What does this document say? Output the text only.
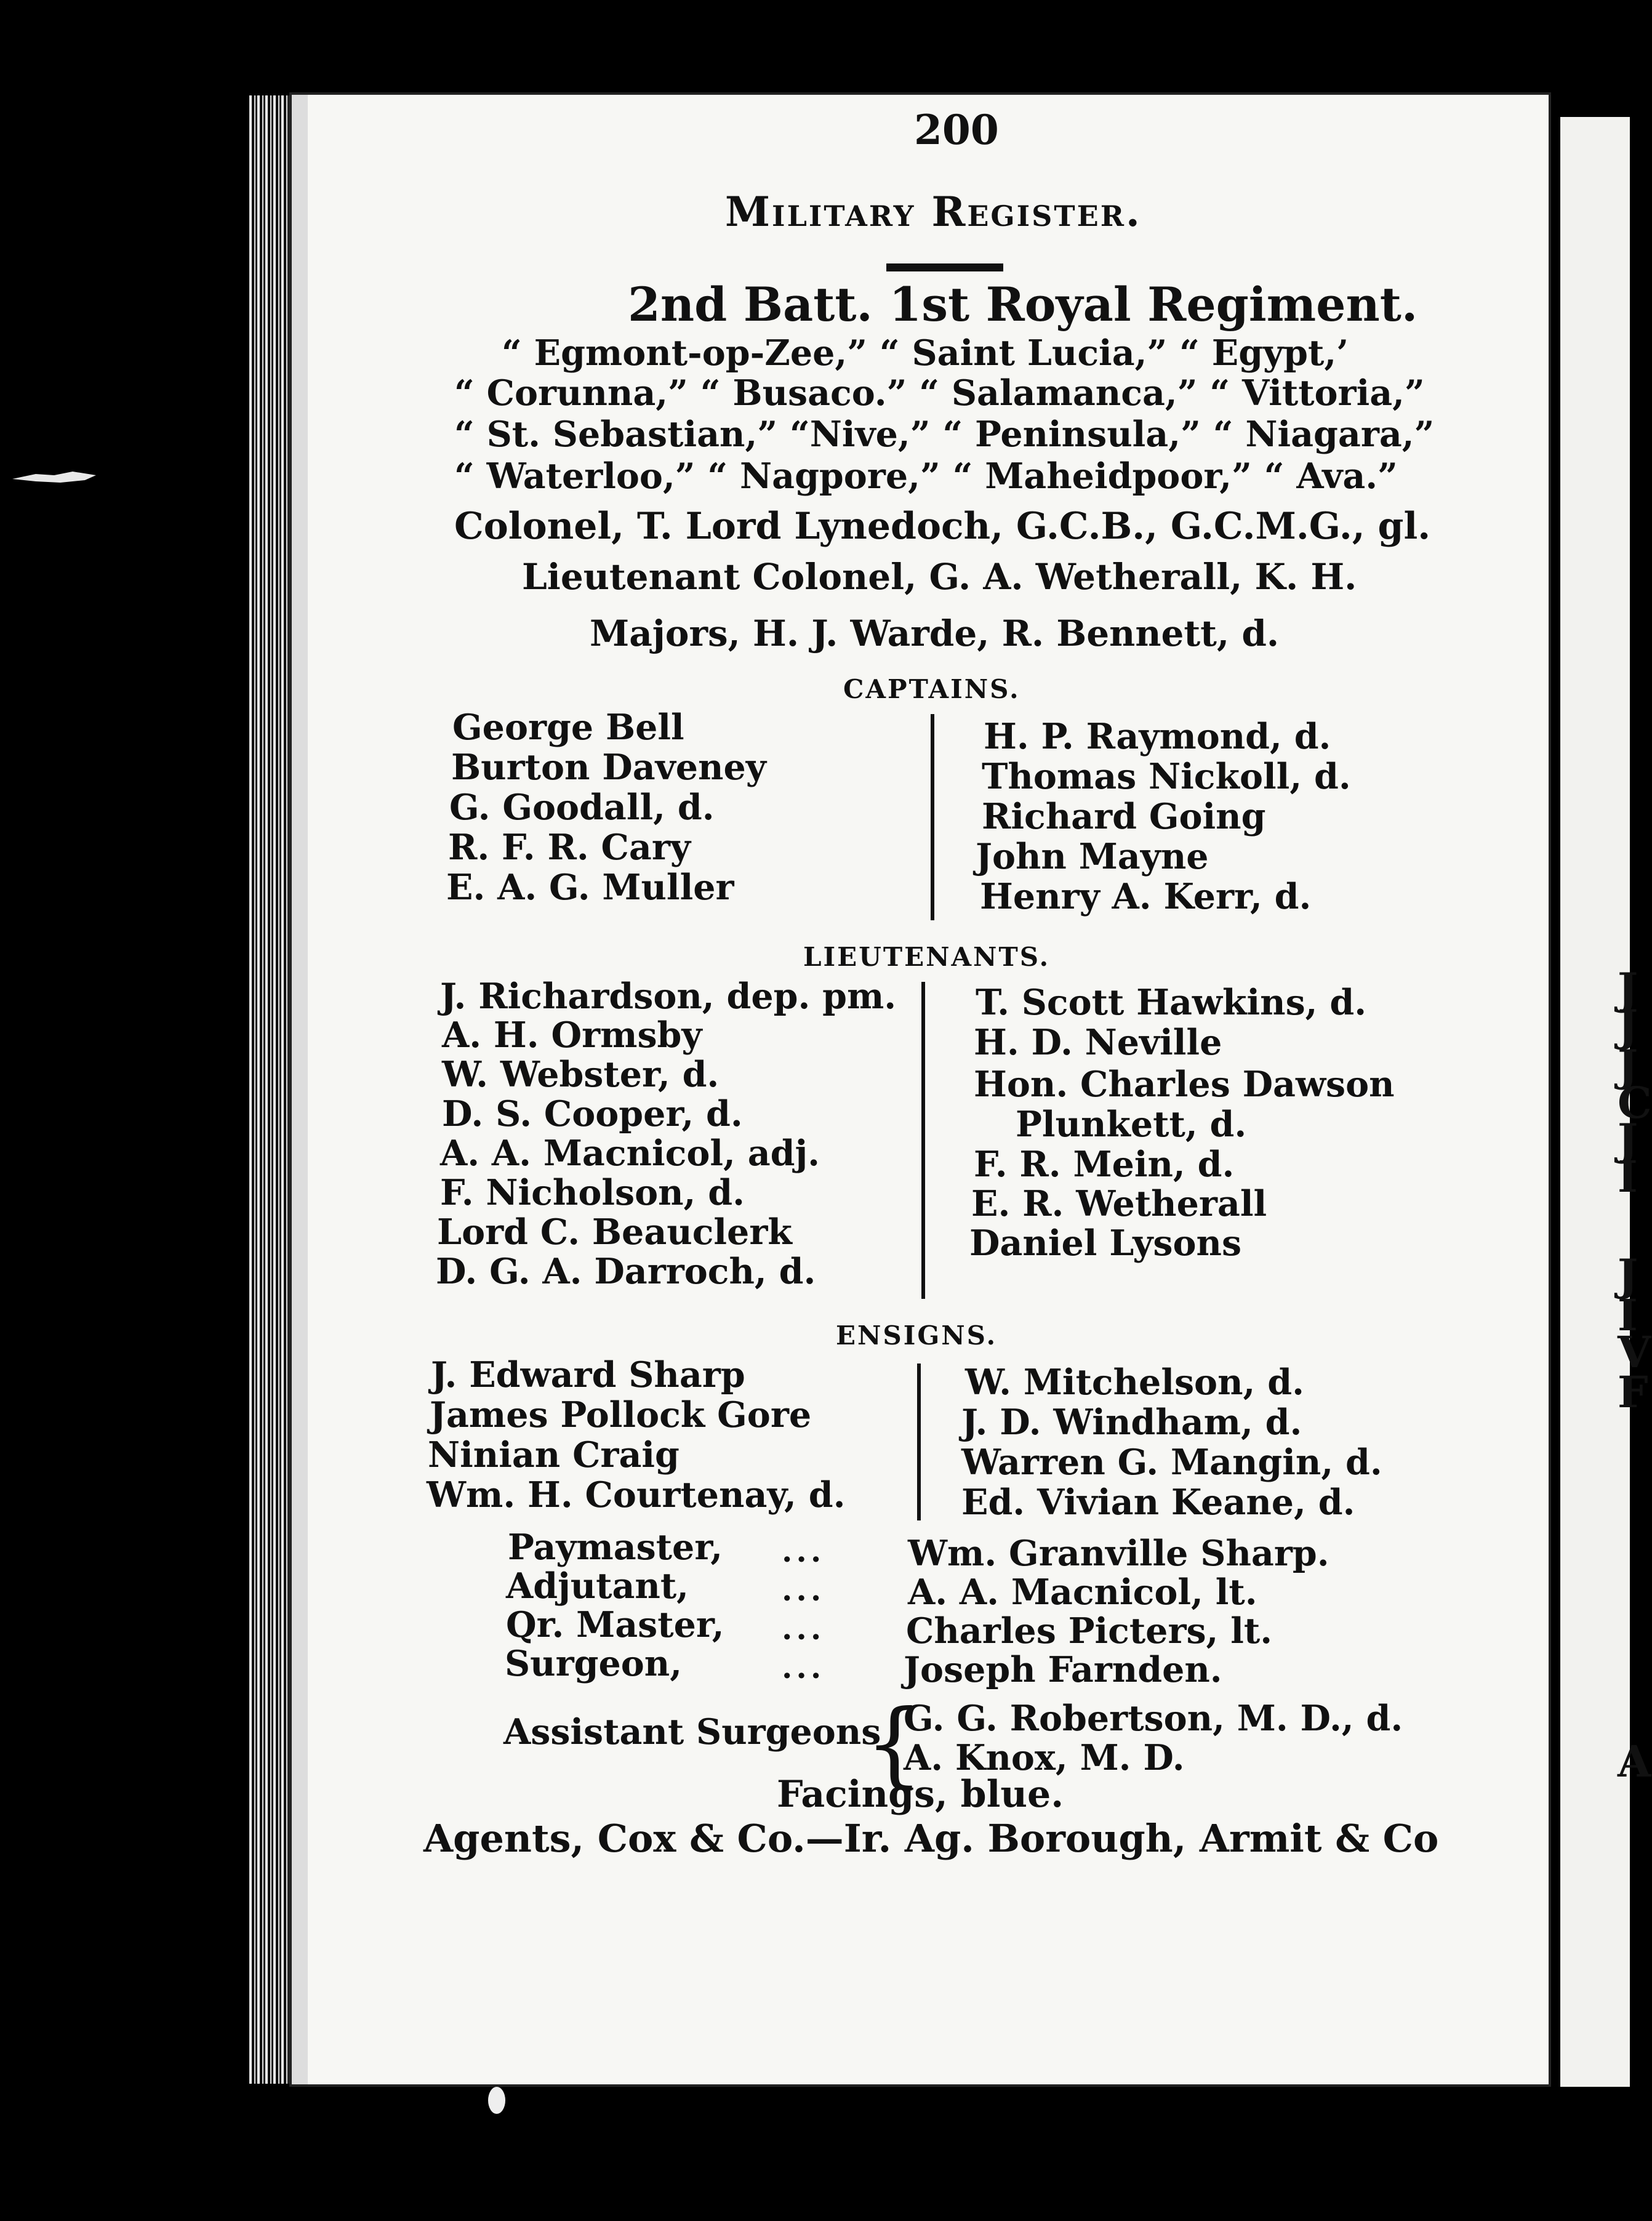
J
J
J
C
J
I
J
I
V
F
A
200
Military Register.
2nd Batt. 1st Royal Regiment.
“ Egmont-op-Zee,” “ Saint Lucia,” “ Egypt,’
“ Corunna,” “ Busaco.” “ Salamanca,” “ Vittoria,”
“ St. Sebastian,” “Nive,” “ Peninsula,” “ Niagara,”
“ Waterloo,” “ Nagpore,” “ Maheidpoor,” “ Ava.”
Colonel, T. Lord Lynedoch, G.C.B., G.C.M.G., gl.
Lieutenant Colonel, G. A. Wetherall, K. H.
Majors, H. J. Warde, R. Bennett, d.
CAPTAINS.
George Bell
Burton Daveney
G. Goodall, d.
R. F. R. Cary
E. A. G. Muller
H. P. Raymond, d.
Thomas Nickoll, d.
Richard Going
John Mayne
Henry A. Kerr, d.
LIEUTENANTS.
J. Richardson, dep. pm.
A. H. Ormsby
W. Webster, d.
D. S. Cooper, d.
A. A. Macnicol, adj.
F. Nicholson, d.
Lord C. Beauclerk
D. G. A. Darroch, d.
T. Scott Hawkins, d.
H. D. Neville
Hon. Charles Dawson
Plunkett, d.
F. R. Mein, d.
E. R. Wetherall
Daniel Lysons
ENSIGNS.
J. Edward Sharp
James Pollock Gore
Ninian Craig
Wm. H. Courtenay, d.
W. Mitchelson, d.
J. D. Windham, d.
Warren G. Mangin, d.
Ed. Vivian Keane, d.
Paymaster, ... Wm. Granville Sharp.
Adjutant,	... A. A. Macnicol, lt.
Qr. Master, ... Charles Picters, lt.
Surgeon,	... Joseph Farnden.
Assistant Surgeons
{
G. G. Robertson, M. D., d.
A. Knox, M. D.
Facings, blue.
Agents, Cox & Co.—Ir. Ag. Borough, Armit & Co
